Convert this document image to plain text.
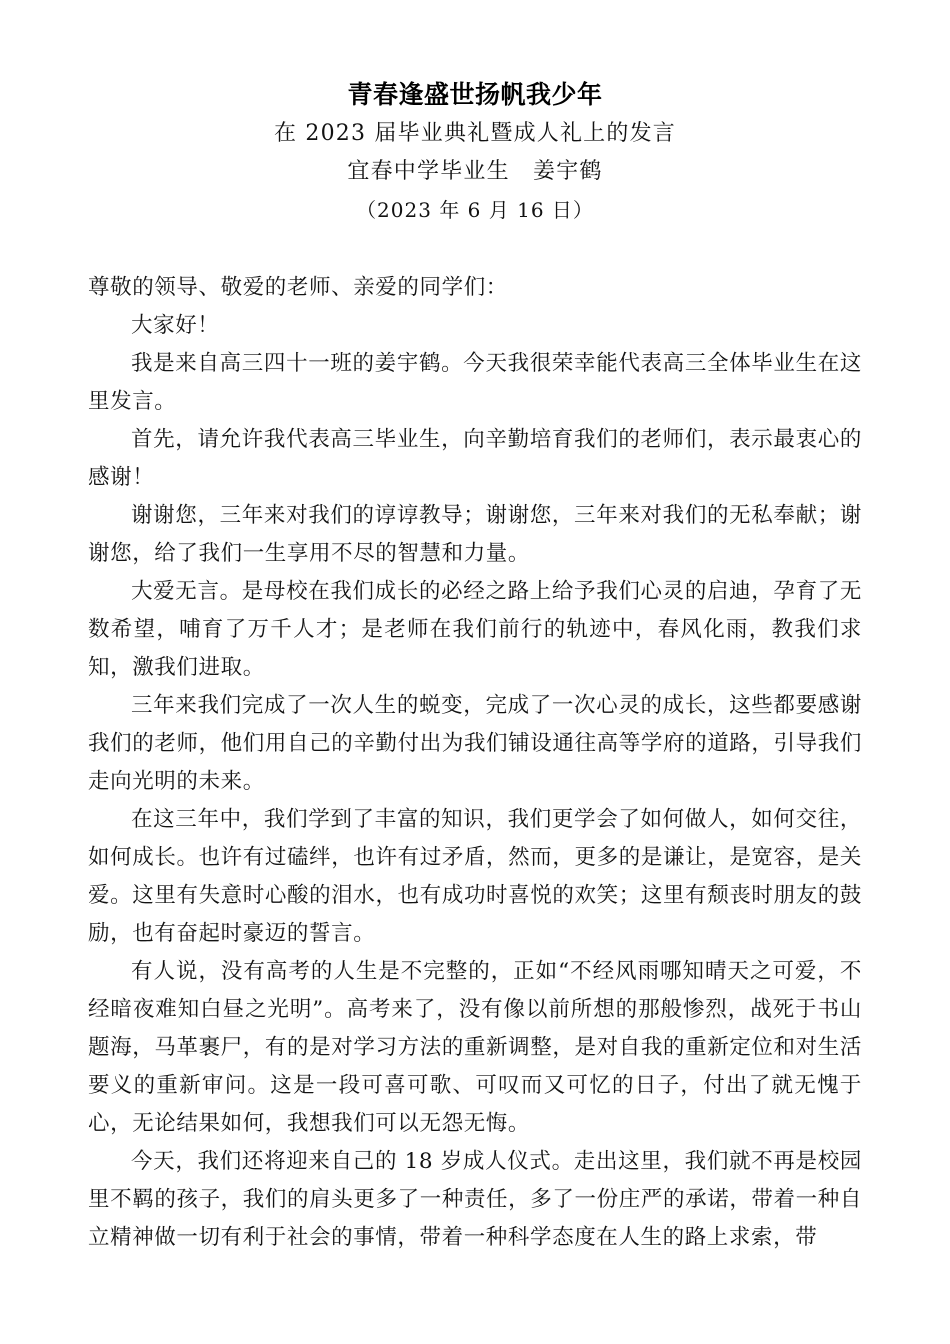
青春逢盛世扬帆我少年

在 2023 届毕业典礼暨成人礼上的发言

宜春中学毕业生　姜宇鹤

（2023 年 6 月 16 日）

尊敬的领导、敬爱的老师、亲爱的同学们：

大家好！

我是来自高三四十一班的姜宇鹤。今天我很荣幸能代表高三全体毕业生在这里发言。

首先，请允许我代表高三毕业生，向辛勤培育我们的老师们，表示最衷心的感谢！

谢谢您，三年来对我们的谆谆教导；谢谢您，三年来对我们的无私奉献；谢谢您，给了我们一生享用不尽的智慧和力量。

大爱无言。是母校在我们成长的必经之路上给予我们心灵的启迪，孕育了无数希望，哺育了万千人才；是老师在我们前行的轨迹中，春风化雨，教我们求知，激我们进取。

三年来我们完成了一次人生的蜕变，完成了一次心灵的成长，这些都要感谢我们的老师，他们用自己的辛勤付出为我们铺设通往高等学府的道路，引导我们走向光明的未来。

在这三年中，我们学到了丰富的知识，我们更学会了如何做人，如何交往，如何成长。也许有过磕绊，也许有过矛盾，然而，更多的是谦让，是宽容，是关爱。这里有失意时心酸的泪水，也有成功时喜悦的欢笑；这里有颓丧时朋友的鼓励，也有奋起时豪迈的誓言。

有人说，没有高考的人生是不完整的，正如“不经风雨哪知晴天之可爱，不经暗夜难知白昼之光明”。高考来了，没有像以前所想的那般惨烈，战死于书山题海，马革裹尸，有的是对学习方法的重新调整，是对自我的重新定位和对生活要义的重新审问。这是一段可喜可歌、可叹而又可忆的日子，付出了就无愧于心，无论结果如何，我想我们可以无怨无悔。

今天，我们还将迎来自己的 18 岁成人仪式。走出这里，我们就不再是校园里不羁的孩子，我们的肩头更多了一种责任，多了一份庄严的承诺，带着一种自立精神做一切有利于社会的事情，带着一种科学态度在人生的路上求索，带
